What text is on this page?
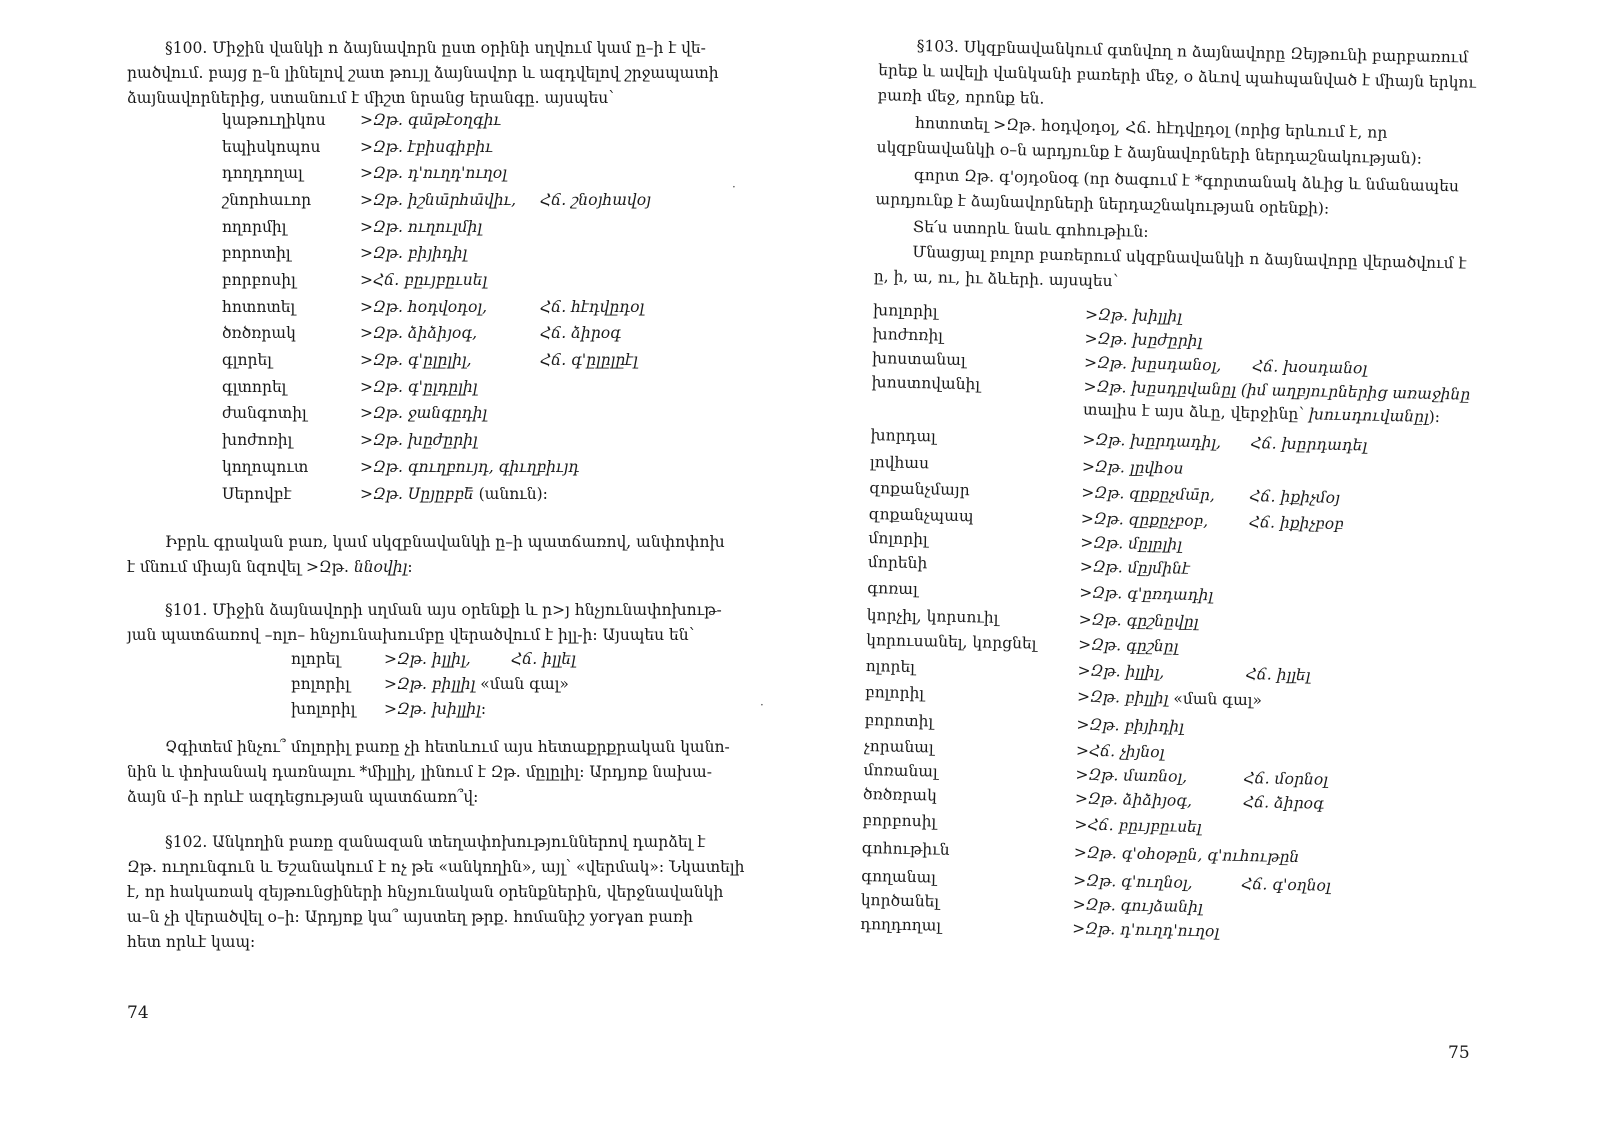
§100. Միջին վանկի ո ձայնավորն ըստ օրինի սղվում կամ ը–ի է վե-
րածվում. բայց ը–ն լինելով շատ թույլ ձայնավոր և ազդվելով շրջապատի
ձայնավորներից, ստանում է միշտ նրանց երանգը. այսպես՝
կաթուղիկոս >Զթ. գա̄թէօղգիւ
եպիսկոպոս	>Զթ. էբիսգիբիւ
դողդողալ	>Զթ. դ'ուղդ'ուղօլ
շնորհաւոր	>Զթ. իշնա̄րհա̄վիւ, Հճ. շնօյհավօյ
ողորմիլ	>Զթ. ուղուլմիլ
բորոտիլ	>Զթ. բիյիդիլ
բորբոսիլ	>Հճ. բըւյբըւսել
հոտոտել	>Զթ. հօդվօդօլ,	Հճ. հէդվըդօլ
ծռծռրակ	>Զթ. ձիձիյօգ,	Հճ. ձիրօգ
գլորել	>Զթ. գ'ըլըլիլ,	Հճ. գ'ըլըլըէլ
գլտորել	>Զթ. գ'ըլդըլիլ
ժանգոտիլ	>Զթ. ջանգըդիլ
խոժոռիլ	>Զթ. խըժըրիլ
կողոպուտ	>Զթ. գուղբույդ, գիւղբիւյդ
Սերովբէ	>Զթ. Սըյըբբե̄ (անուն):
Իբրև գրական բառ, կամ սկզբնավանկի ը–ի պատճառով, անփոփոխ
է մնում միայն նզովել >Զթ. ննօվիլ:
§101. Միջին ձայնավորի սղման այս օրենքի և ր>յ հնչյունափոխութ-
յան պատճառով –ոլո– հնչյունախումբը վերածվում է իլլ-ի: Այսպես են՝
ոլորել	>Զթ. իլլիլ,	Հճ. իլլել
բոլորիլ >Զթ. բիլլիլ «ման գալ»
խոլորիլ >Զթ. խիլլիլ:
Չգիտեմ ինչու՞ մոլորիլ բառը չի հետևում այս հետաքրքրական կանո-
նին և փոխանակ դառնալու *միլլիլ, լինում է Զթ. մըլըլիլ: Արդյոք նախա-
ձայն մ–ի որևէ ազդեցության պատճառո՞վ:
§102. Անկողին բառը զանազան տեղափոխություններով դարձել է
Զթ. ուղունգուն և Եշանակում է ոչ թե «անկողին», այլ՝ «վերմակ»: Նկատելի
է, որ հակառակ զեյթունցիների հնչյունական օրենքներին, վերջնավանկի
ա–ն չի վերածվել օ–ի: Արդյոք կա՞ այստեղ թրք. հոմանիշ yorγan բառի
հետ որևէ կապ:
·
·
74
§103. Սկզբնավանկում գտնվող ո ձայնավորը Զեյթունի բարբառում
երեք և ավելի վանկանի բառերի մեջ, օ ձևով պահպանված է միայն երկու
բառի մեջ, որոնք են.
հոտոտել >Զթ. հօդվօդօլ, Հճ. հէդվըդօլ (որից երևում է, որ
սկզբնավանկի օ–ն արդյունք է ձայնավորների ներդաշնակության):
գորտ Զթ. գ'օյդօնօգ (որ ծագում է *գորտանակ ձևից և նմանապես
արդյունք է ձայնավորների ներդաշնակության օրենքի):
Տե՛ս ստորև նաև գոհութիւն:
Մնացյալ բոլոր բառերում սկզբնավանկի ո ձայնավորը վերածվում է
ը, ի, ա, ու, իւ ձևերի. այսպես՝
խոլորիլ	>Զթ. խիլլիլ
խոժոռիլ	>Զթ. խըժըրիլ
խոստանալ	>Զթ. խըսդանօլ, Հճ. խօսդանօլ
խոստովանիլ	>Զթ. խըսդըվանըլ (իմ աղբյուրներից առաջինը
տալիս է այս ձևը, վերջինը՝ խուսդուվանըլ):
խորդալ	>Զթ. խըրդադիլ, Հճ. խըրդադել
լովհաս	>Զթ. լըվհօս
զոքանչմայր	>Զթ. զըքըչմա̄ր, Հճ. իքիչմօյ
զոքանչպապ	>Զթ. զըքըչբօբ,	Հճ. իքիչբօբ
մոլորիլ	>Զթ. մըլըլիլ
մորենի	>Զթ. մըյմինէ
գոռալ	>Զթ. գ'ըռդադիլ
կորչիլ, կորսուիլ	>Զթ. գըշնըվըլ
կորուսանել, կորցնել	>Զթ. գըշնըլ
ոլորել	>Զթ. իլլիլ,	Հճ. իլլել
բոլորիլ	>Զթ. բիլլիլ «ման գալ»
բորոտիլ	>Զթ. բիյիդիլ
չորանալ	>Հճ. չիյնօլ
մոռանալ	>Զթ. մառնօլ,	Հճ. մօրնօլ
ծռծռրակ	>Զթ. ձիձիյօգ,	Հճ. ձիրօգ
բորբոսիլ	>Հճ. բըւյբըւսել
գոհութիւն	>Զթ. գ'օհօթըն, գ'ուհութըն
գողանալ	>Զթ. գ'ուղնօլ,	Հճ. գ'օղնօլ
կործանել	>Զթ. գույձանիլ
դողդողալ	>Զթ. դ'ուղդ'ուղօլ
75
